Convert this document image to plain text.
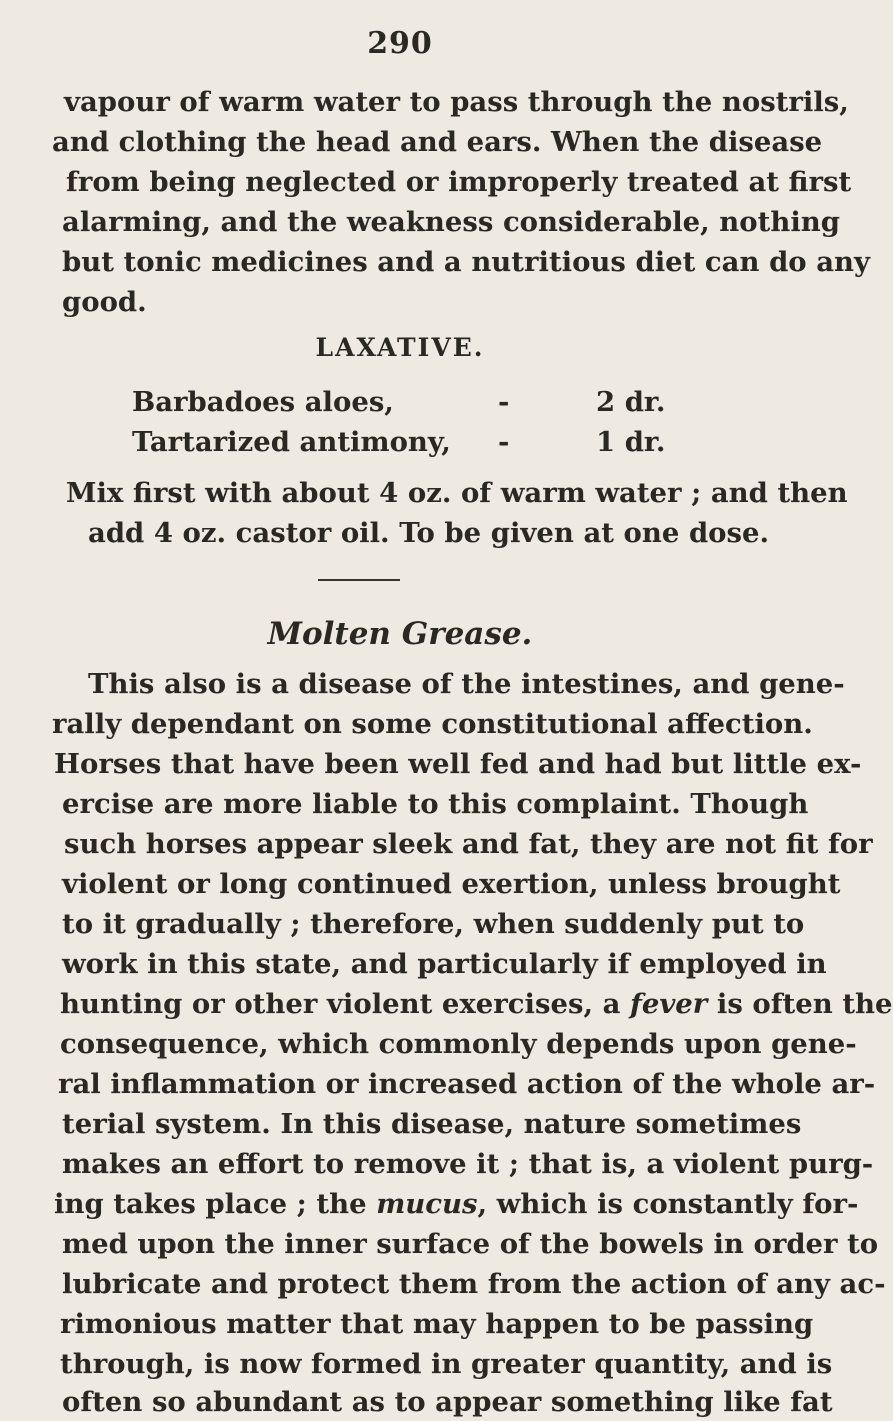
290
vapour of warm water to pass through the nostrils,
and clothing the head and ears. When the disease
from being neglected or improperly treated at first
alarming, and the weakness considerable, nothing
but tonic medicines and a nutritious diet can do any
good.
LAXATIVE.
Barbadoes aloes,	-	2 dr.
Tartarized antimony, -	1 dr.
Mix first with about 4 oz. of warm water ; and then
add 4 oz. castor oil. To be given at one dose.
Molten Grease.
This also is a disease of the intestines, and gene-
rally dependant on some constitutional affection.
Horses that have been well fed and had but little ex-
ercise are more liable to this complaint. Though
such horses appear sleek and fat, they are not fit for
violent or long continued exertion, unless brought
to it gradually ; therefore, when suddenly put to
work in this state, and particularly if employed in
hunting or other violent exercises, a fever is often the
consequence, which commonly depends upon gene-
ral inflammation or increased action of the whole ar-
terial system. In this disease, nature sometimes
makes an effort to remove it ; that is, a violent purg-
ing takes place ; the mucus, which is constantly for-
med upon the inner surface of the bowels in order to
lubricate and protect them from the action of any ac-
rimonious matter that may happen to be passing
through, is now formed in greater quantity, and is
often so abundant as to appear something like fat
